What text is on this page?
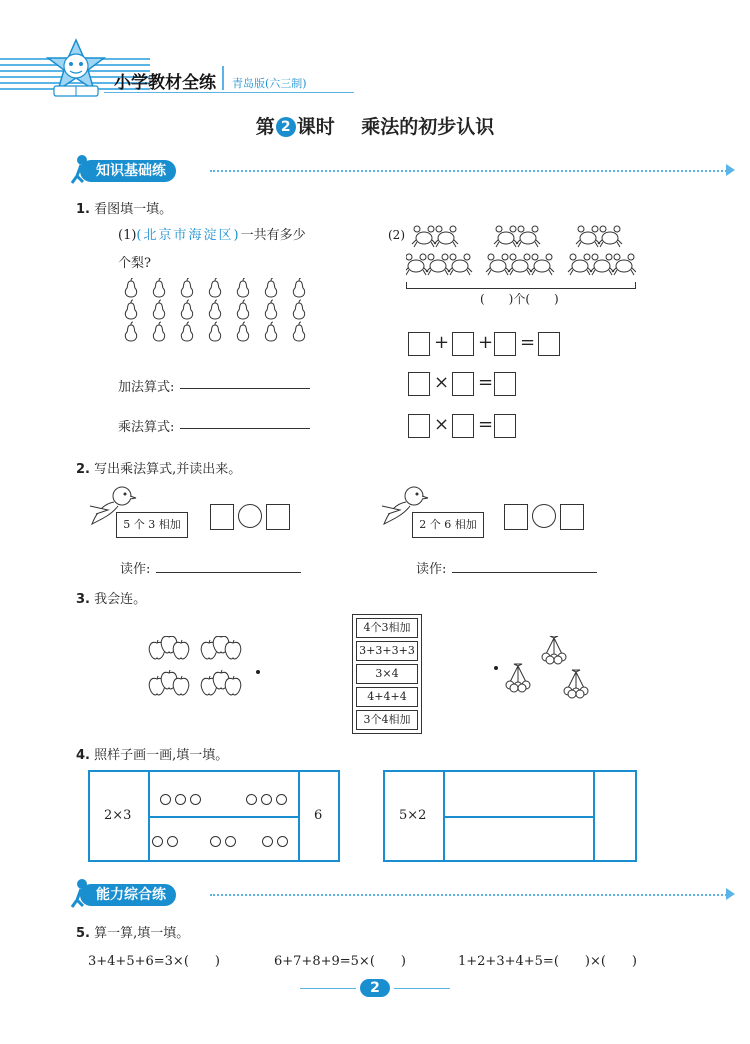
小学教材全练 青岛版(六三制)
第 2 课时 乘法的初步认识
知识基础练
1. 看图填一填。
(1)(北京市海淀区)一共有多少
个梨?
加法算式:
乘法算式:
(2)
(　　)个(　　)
+ + =
× =
× =
2. 写出乘法算式,并读出来。
5 个 3 相加
读作:
2 个 6 相加
读作:
3. 我会连。
4个3相加
3+3+3+3
3×4
4+4+4
3个4相加
4. 照样子画一画,填一填。
2×3	6	5×2
能力综合练
5. 算一算,填一填。
3+4+5+6=3×(　　)	6+7+8+9=5×(　　)	1+2+3+4+5=(　　)×(　　)
2
